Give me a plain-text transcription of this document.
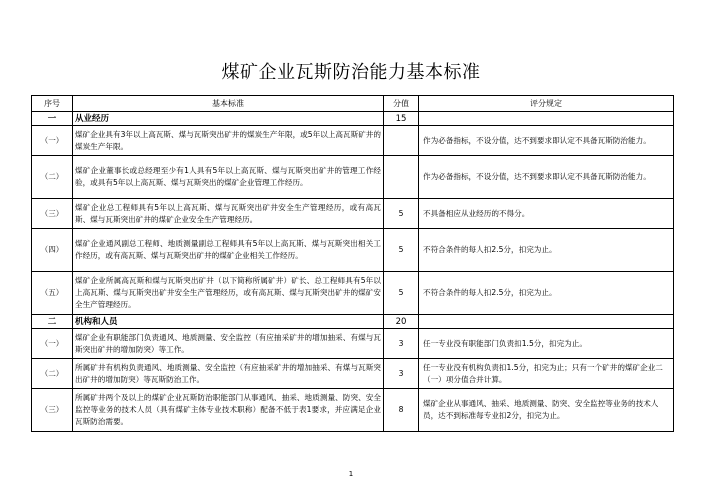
煤矿企业瓦斯防治能力基本标准
序号	基本标准	分值	评分规定
一	从业经历	15	
（一）	煤矿企业具有3年以上高瓦斯、煤与瓦斯突出矿井的煤炭生产年限，或5年以上高瓦斯矿井的煤炭生产年限。		作为必备指标，不设分值，达不到要求即认定不具备瓦斯防治能力。
（二）	煤矿企业董事长或总经理至少有1人具有5年以上高瓦斯、煤与瓦斯突出矿井的管理工作经验，或具有5年以上高瓦斯、煤与瓦斯突出的煤矿企业管理工作经历。		作为必备指标，不设分值，达不到要求即认定不具备瓦斯防治能力。
（三）	煤矿企业总工程师具有5年以上高瓦斯、煤与瓦斯突出矿井安全生产管理经历，或有高瓦斯、煤与瓦斯突出矿井的煤矿企业安全生产管理经历。	5	不具备相应从业经历的不得分。
（四）	煤矿企业通风副总工程师、地质测量副总工程师具有5年以上高瓦斯、煤与瓦斯突出相关工作经历，或有高瓦斯、煤与瓦斯突出矿井的煤矿企业相关工作经历。	5	不符合条件的每人扣2.5分，扣完为止。
（五）	煤矿企业所属高瓦斯和煤与瓦斯突出矿井（以下简称所属矿井）矿长、总工程师具有5年以上高瓦斯、煤与瓦斯突出矿井安全生产管理经历，或有高瓦斯、煤与瓦斯突出矿井的煤矿安全生产管理经历。	5	不符合条件的每人扣2.5分，扣完为止。
二	机构和人员	20	
（一）	煤矿企业有职能部门负责通风、地质测量、安全监控（有应抽采矿井的增加抽采、有煤与瓦斯突出矿井的增加防突）等工作。	3	任一专业没有职能部门负责扣1.5分，扣完为止。
（二）	所属矿井有机构负责通风、地质测量、安全监控（有应抽采矿井的增加抽采、有煤与瓦斯突出矿井的增加防突）等瓦斯防治工作。	3	任一专业没有机构负责扣1.5分，扣完为止；只有一个矿井的煤矿企业二（一）项分值合并计算。
（三）	所属矿井两个及以上的煤矿企业瓦斯防治职能部门从事通风、抽采、地质测量、防突、安全监控等业务的技术人员（具有煤矿主体专业技术职称）配备不低于表1要求，并应满足企业瓦斯防治需要。	8	煤矿企业从事通风、抽采、地质测量、防突、安全监控等业务的技术人员，达不到标准每专业扣2分，扣完为止。
1
